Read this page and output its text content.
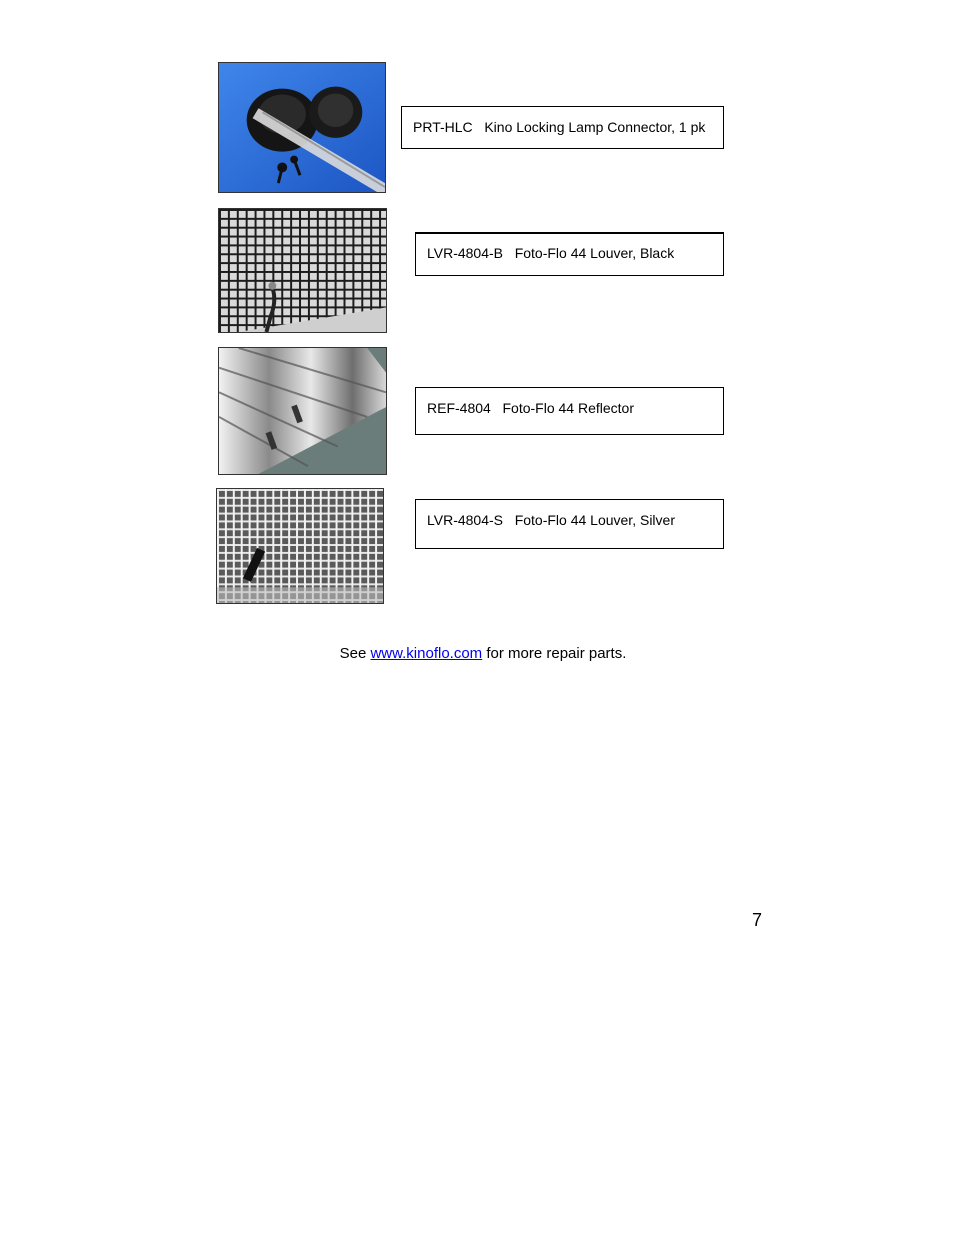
PRT-HLC Kino Locking Lamp Connector, 1 pk
LVR-4804-B Foto-Flo 44 Louver, Black
REF-4804 Foto-Flo 44 Reflector
LVR-4804-S Foto-Flo 44 Louver, Silver
See www.kinoflo.com for more repair parts.
7
